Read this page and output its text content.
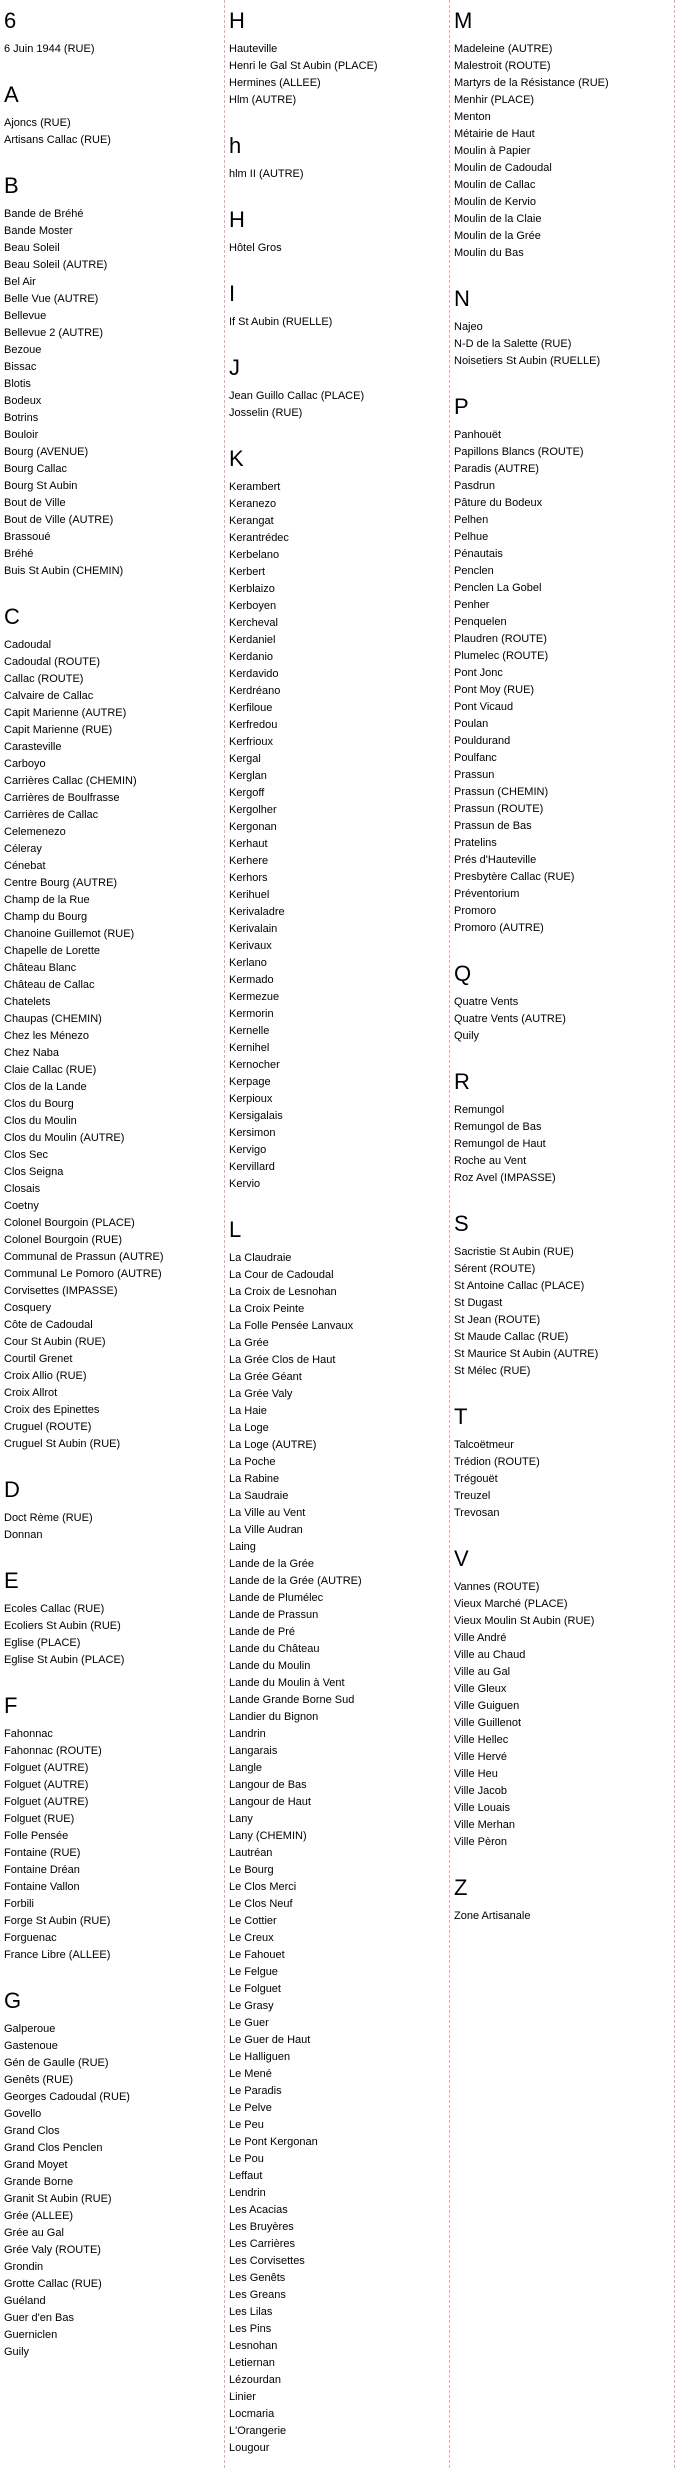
6
6 Juin 1944 (RUE)
A
Ajoncs (RUE)
Artisans Callac (RUE)
B
Bande de Bréhé
Bande Moster
Beau Soleil
Beau Soleil (AUTRE)
Bel Air
Belle Vue (AUTRE)
Bellevue
Bellevue 2 (AUTRE)
Bezoue
Bissac
Blotis
Bodeux
Botrins
Bouloir
Bourg (AVENUE)
Bourg Callac
Bourg St Aubin
Bout de Ville
Bout de Ville (AUTRE)
Brassoué
Bréhé
Buis St Aubin (CHEMIN)
C
Cadoudal
Cadoudal (ROUTE)
Callac (ROUTE)
Calvaire de Callac
Capit Marienne (AUTRE)
Capit Marienne (RUE)
Carasteville
Carboyo
Carrières Callac (CHEMIN)
Carrières de Boulfrasse
Carrières de Callac
Celemenezo
Céleray
Cénebat
Centre Bourg (AUTRE)
Champ de la Rue
Champ du Bourg
Chanoine Guillemot (RUE)
Chapelle de Lorette
Château Blanc
Château de Callac
Chatelets
Chaupas (CHEMIN)
Chez les Ménezo
Chez Naba
Claie Callac (RUE)
Clos de la Lande
Clos du Bourg
Clos du Moulin
Clos du Moulin (AUTRE)
Clos Sec
Clos Seigna
Closais
Coetny
Colonel Bourgoin (PLACE)
Colonel Bourgoin (RUE)
Communal de Prassun (AUTRE)
Communal Le Pomoro (AUTRE)
Corvisettes (IMPASSE)
Cosquery
Côte de Cadoudal
Cour St Aubin (RUE)
Courtil Grenet
Croix Allio (RUE)
Croix Allrot
Croix des Epinettes
Cruguel (ROUTE)
Cruguel St Aubin (RUE)
D
Doct Rème (RUE)
Donnan
E
Ecoles Callac (RUE)
Ecoliers St Aubin (RUE)
Eglise (PLACE)
Eglise St Aubin (PLACE)
F
Fahonnac
Fahonnac (ROUTE)
Folguet (AUTRE)
Folguet (AUTRE)
Folguet (AUTRE)
Folguet (RUE)
Folle Pensée
Fontaine (RUE)
Fontaine Dréan
Fontaine Vallon
Forbili
Forge St Aubin (RUE)
Forguenac
France Libre (ALLEE)
G
Galperoue
Gastenoue
Gén de Gaulle (RUE)
Genêts (RUE)
Georges Cadoudal (RUE)
Govello
Grand Clos
Grand Clos Penclen
Grand Moyet
Grande Borne
Granit St Aubin (RUE)
Grée (ALLEE)
Grée au Gal
Grée Valy (ROUTE)
Grondin
Grotte Callac (RUE)
Guéland
Guer d'en Bas
Guerniclen
Guily
H
Hauteville
Henri le Gal St Aubin (PLACE)
Hermines (ALLEE)
Hlm (AUTRE)
h
hlm II (AUTRE)
H
Hôtel Gros
I
If St Aubin (RUELLE)
J
Jean Guillo Callac (PLACE)
Josselin (RUE)
K
Kerambert
Keranezo
Kerangat
Kerantrédec
Kerbelano
Kerbert
Kerblaizo
Kerboyen
Kercheval
Kerdaniel
Kerdanio
Kerdavido
Kerdréano
Kerfiloue
Kerfredou
Kerfrioux
Kergal
Kerglan
Kergoff
Kergolher
Kergonan
Kerhaut
Kerhere
Kerhors
Kerihuel
Kerivaladre
Kerivalain
Kerivaux
Kerlano
Kermado
Kermezue
Kermorin
Kernelle
Kernihel
Kernocher
Kerpage
Kerpioux
Kersigalais
Kersimon
Kervigo
Kervillard
Kervio
L
La Claudraie
La Cour de Cadoudal
La Croix de Lesnohan
La Croix Peinte
La Folle Pensée Lanvaux
La Grée
La Grée Clos de Haut
La Grée Géant
La Grée Valy
La Haie
La Loge
La Loge (AUTRE)
La Poche
La Rabine
La Saudraie
La Ville au Vent
La Ville Audran
Laing
Lande de la Grée
Lande de la Grée (AUTRE)
Lande de Plumélec
Lande de Prassun
Lande de Pré
Lande du Château
Lande du Moulin
Lande du Moulin à Vent
Lande Grande Borne Sud
Landier du Bignon
Landrin
Langarais
Langle
Langour de Bas
Langour de Haut
Lany
Lany (CHEMIN)
Lautréan
Le Bourg
Le Clos Merci
Le Clos Neuf
Le Cottier
Le Creux
Le Fahouet
Le Felgue
Le Folguet
Le Grasy
Le Guer
Le Guer de Haut
Le Halliguen
Le Mené
Le Paradis
Le Pelve
Le Peu
Le Pont Kergonan
Le Pou
Leffaut
Lendrin
Les Acacias
Les Bruyères
Les Carrières
Les Corvisettes
Les Genêts
Les Greans
Les Lilas
Les Pins
Lesnohan
Letiernan
Lézourdan
Linier
Locmaria
L'Orangerie
Lougour
M
Madeleine (AUTRE)
Malestroit (ROUTE)
Martyrs de la Résistance (RUE)
Menhir (PLACE)
Menton
Métairie de Haut
Moulin à Papier
Moulin de Cadoudal
Moulin de Callac
Moulin de Kervio
Moulin de la Claie
Moulin de la Grée
Moulin du Bas
N
Najeo
N-D de la Salette (RUE)
Noisetiers St Aubin (RUELLE)
P
Panhouët
Papillons Blancs (ROUTE)
Paradis (AUTRE)
Pasdrun
Pâture du Bodeux
Pelhen
Pelhue
Pénautais
Penclen
Penclen La Gobel
Penher
Penquelen
Plaudren (ROUTE)
Plumelec (ROUTE)
Pont Jonc
Pont Moy (RUE)
Pont Vicaud
Poulan
Pouldurand
Poulfanc
Prassun
Prassun (CHEMIN)
Prassun (ROUTE)
Prassun de Bas
Pratelins
Prés d'Hauteville
Presbytère Callac (RUE)
Préventorium
Promoro
Promoro (AUTRE)
Q
Quatre Vents
Quatre Vents (AUTRE)
Quily
R
Remungol
Remungol de Bas
Remungol de Haut
Roche au Vent
Roz Avel (IMPASSE)
S
Sacristie St Aubin (RUE)
Sérent (ROUTE)
St Antoine Callac (PLACE)
St Dugast
St Jean (ROUTE)
St Maude Callac (RUE)
St Maurice St Aubin (AUTRE)
St Mélec (RUE)
T
Talcoëtmeur
Trédion (ROUTE)
Trégouët
Treuzel
Trevosan
V
Vannes (ROUTE)
Vieux Marché (PLACE)
Vieux Moulin St Aubin (RUE)
Ville André
Ville au Chaud
Ville au Gal
Ville Gleux
Ville Guiguen
Ville Guillenot
Ville Hellec
Ville Hervé
Ville Heu
Ville Jacob
Ville Louais
Ville Merhan
Ville Pèron
Z
Zone Artisanale
